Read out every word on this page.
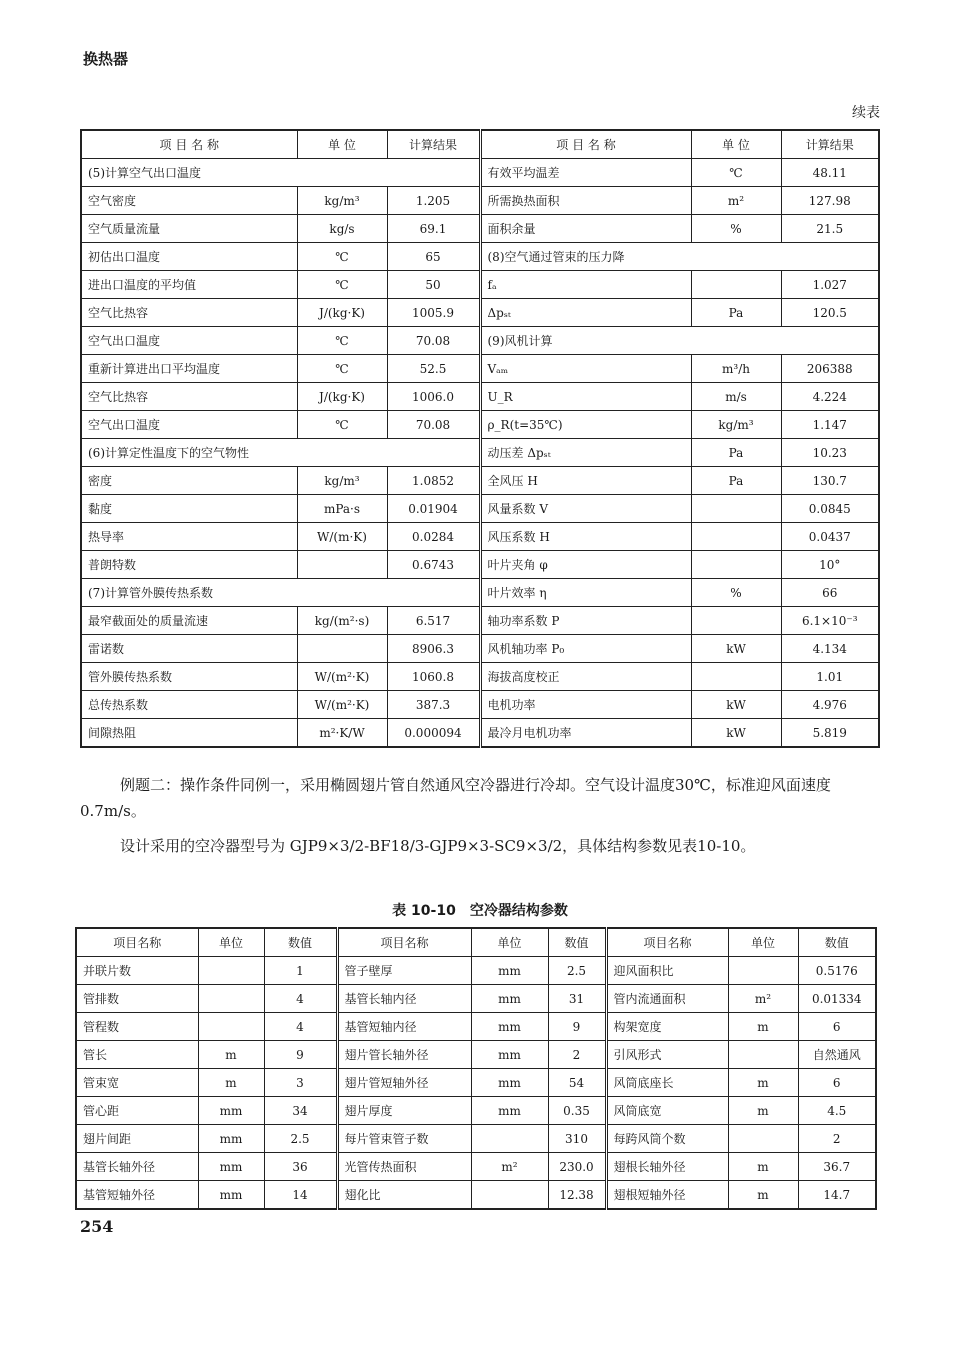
换热器
续表
项 目 名 称	单 位	计算结果	项 目 名 称	单 位	计算结果
(5)计算空气出口温度			有效平均温差	℃	48.11
空气密度	kg/m³	1.205	所需换热面积	m²	127.98
空气质量流量	kg/s	69.1	面积余量	%	21.5
初估出口温度	℃	65	(8)空气通过管束的压力降		
进出口温度的平均值	℃	50	fₐ		1.027
空气比热容	J/(kg·K)	1005.9	Δpₛₜ	Pa	120.5
空气出口温度	℃	70.08	(9)风机计算		
重新计算进出口平均温度	℃	52.5	Vₐₘ	m³/h	206388
空气比热容	J/(kg·K)	1006.0	U_R	m/s	4.224
空气出口温度	℃	70.08	ρ_R(t=35℃)	kg/m³	1.147
(6)计算定性温度下的空气物性			动压差 Δpₛₜ	Pa	10.23
密度	kg/m³	1.0852	全风压 H	Pa	130.7
黏度	mPa·s	0.01904	风量系数 V		0.0845
热导率	W/(m·K)	0.0284	风压系数 H		0.0437
普朗特数		0.6743	叶片夹角 φ		10°
(7)计算管外膜传热系数			叶片效率 η	%	66
最窄截面处的质量流速	kg/(m²·s)	6.517	轴功率系数 P		6.1×10⁻³
雷诺数		8906.3	风机轴功率 P₀	kW	4.134
管外膜传热系数	W/(m²·K)	1060.8	海拔高度校正		1.01
总传热系数	W/(m²·K)	387.3	电机功率	kW	4.976
间隙热阻	m²·K/W	0.000094	最冷月电机功率	kW	5.819
例题二：操作条件同例一，采用椭圆翅片管自然通风空冷器进行冷却。空气设计温度30℃，标准迎风面速度 0.7m/s。
设计采用的空冷器型号为 GJP9×3/2-BF18/3-GJP9×3-SC9×3/2，具体结构参数见表10-10。
表 10-10　空冷器结构参数
项目名称	单位	数值	项目名称	单位	数值	项目名称	单位	数值
并联片数		1	管子壁厚	mm	2.5	迎风面积比		0.5176
管排数		4	基管长轴内径	mm	31	管内流通面积	m²	0.01334
管程数		4	基管短轴内径	mm	9	构架宽度	m	6
管长	m	9	翅片管长轴外径	mm	2	引风形式		自然通风
管束宽	m	3	翅片管短轴外径	mm	54	风筒底座长	m	6
管心距	mm	34	翅片厚度	mm	0.35	风筒底宽	m	4.5
翅片间距	mm	2.5	每片管束管子数		310	每跨风筒个数		2
基管长轴外径	mm	36	光管传热面积	m²	230.0	翅根长轴外径	m	36.7
基管短轴外径	mm	14	翅化比		12.38	翅根短轴外径	m	14.7
254
